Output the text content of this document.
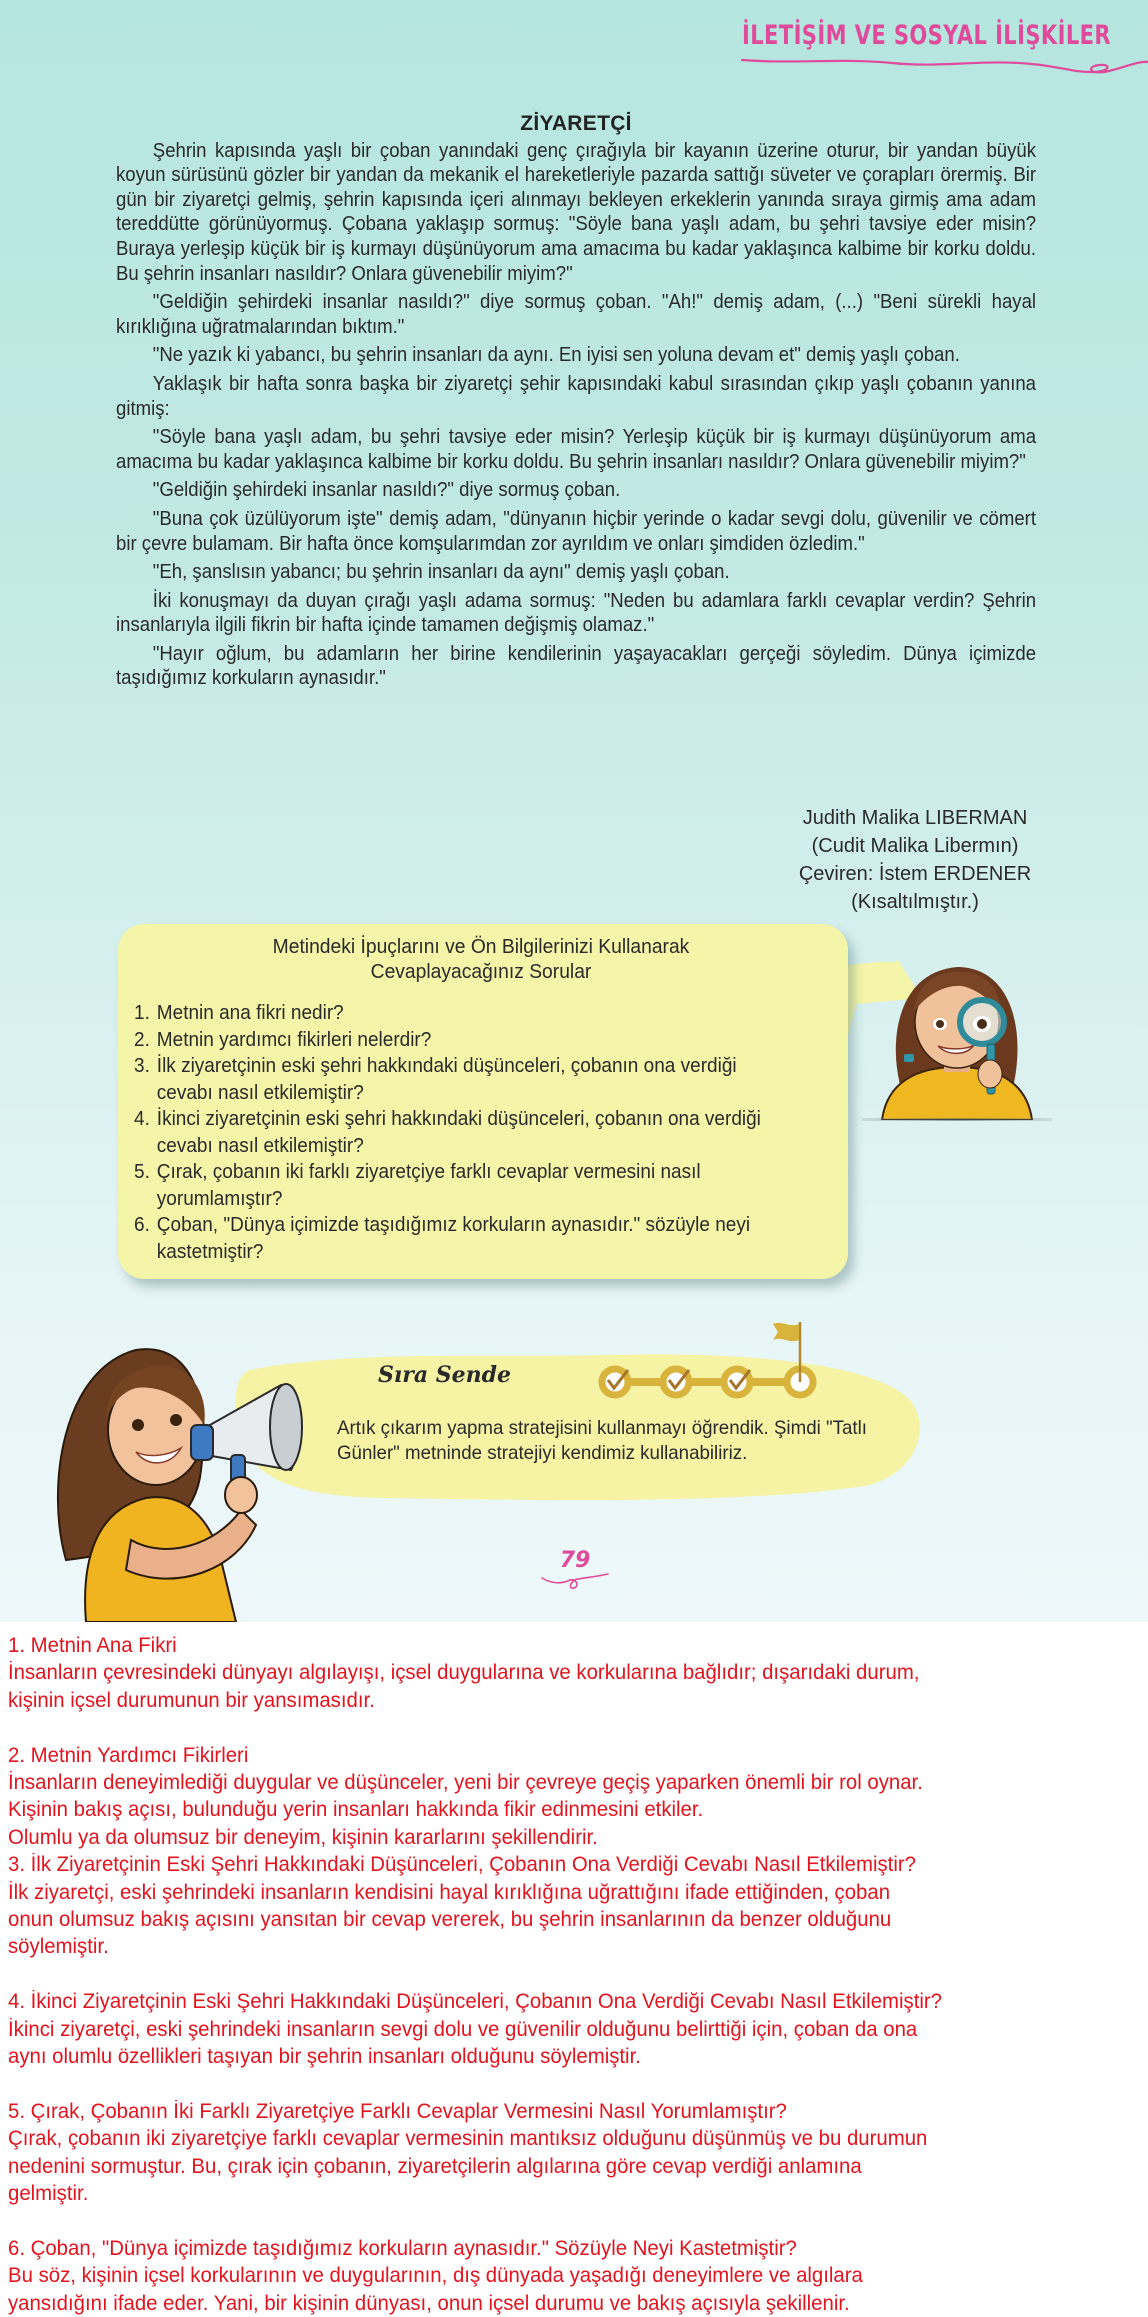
İLETİŞİM VE SOSYAL İLİŞKİLER
ZİYARETÇİ

Şehrin kapısında yaşlı bir çoban yanındaki genç çırağıyla bir kayanın üzerine oturur, bir yandan büyük koyun sürüsünü gözler bir yandan da mekanik el hareketleriyle pazarda sattığı süveter ve çorapları örermiş. Bir gün bir ziyaretçi gelmiş, şehrin kapısında içeri alınmayı bekleyen erkeklerin yanında sıraya girmiş ama adam tereddütte görünüyormuş. Çobana yaklaşıp sormuş: "Söyle bana yaşlı adam, bu şehri tavsiye eder misin? Buraya yerleşip küçük bir iş kurmayı düşünüyorum ama amacıma bu kadar yaklaşınca kalbime bir korku doldu. Bu şehrin insanları nasıldır? Onlara güvenebilir miyim?"

"Geldiğin şehirdeki insanlar nasıldı?" diye sormuş çoban. "Ah!" demiş adam, (...) "Beni sürekli hayal kırıklığına uğratmalarından bıktım."

"Ne yazık ki yabancı, bu şehrin insanları da aynı. En iyisi sen yoluna devam et" demiş yaşlı çoban.

Yaklaşık bir hafta sonra başka bir ziyaretçi şehir kapısındaki kabul sırasından çıkıp yaşlı çobanın yanına gitmiş:

"Söyle bana yaşlı adam, bu şehri tavsiye eder misin? Yerleşip küçük bir iş kurmayı düşünüyorum ama amacıma bu kadar yaklaşınca kalbime bir korku doldu. Bu şehrin insanları nasıldır? Onlara güvenebilir miyim?"

"Geldiğin şehirdeki insanlar nasıldı?" diye sormuş çoban.

"Buna çok üzülüyorum işte" demiş adam, "dünyanın hiçbir yerinde o kadar sevgi dolu, güvenilir ve cömert bir çevre bulamam. Bir hafta önce komşularımdan zor ayrıldım ve onları şimdiden özledim."

"Eh, şanslısın yabancı; bu şehrin insanları da aynı" demiş yaşlı çoban.

İki konuşmayı da duyan çırağı yaşlı adama sormuş: "Neden bu adamlara farklı cevaplar verdin? Şehrin insanlarıyla ilgili fikrin bir hafta içinde tamamen değişmiş olamaz."

"Hayır oğlum, bu adamların her birine kendilerinin yaşayacakları gerçeği söyledim. Dünya içimizde taşıdığımız korkuların aynasıdır."

Judith Malika LIBERMAN
(Cudit Malika Libermın)
Çeviren: İstem ERDENER
(Kısaltılmıştır.)
Metindeki İpuçlarını ve Ön Bilgilerinizi Kullanarak
Cevaplayacağınız Sorular
1. Metnin ana fikri nedir?
2. Metnin yardımcı fikirleri nelerdir?
3. İlk ziyaretçinin eski şehri hakkındaki düşünceleri, çobanın ona verdiği cevabı nasıl etkilemiştir?
4. İkinci ziyaretçinin eski şehri hakkındaki düşünceleri, çobanın ona verdiği cevabı nasıl etkilemiştir?
5. Çırak, çobanın iki farklı ziyaretçiye farklı cevaplar vermesini nasıl yorumlamıştır?
6. Çoban, "Dünya içimizde taşıdığımız korkuların aynasıdır." sözüyle neyi kastetmiştir?
Sıra Sende
Artık çıkarım yapma stratejisini kullanmayı öğrendik. Şimdi "Tatlı Günler" metninde stratejiyi kendimiz kullanabiliriz.
79
1. Metnin Ana Fikri
İnsanların çevresindeki dünyayı algılayışı, içsel duygularına ve korkularına bağlıdır; dışarıdaki durum,
kişinin içsel durumunun bir yansımasıdır.
2. Metnin Yardımcı Fikirleri
İnsanların deneyimlediği duygular ve düşünceler, yeni bir çevreye geçiş yaparken önemli bir rol oynar.
Kişinin bakış açısı, bulunduğu yerin insanları hakkında fikir edinmesini etkiler.
Olumlu ya da olumsuz bir deneyim, kişinin kararlarını şekillendirir.
3. İlk Ziyaretçinin Eski Şehri Hakkındaki Düşünceleri, Çobanın Ona Verdiği Cevabı Nasıl Etkilemiştir?
İlk ziyaretçi, eski şehrindeki insanların kendisini hayal kırıklığına uğrattığını ifade ettiğinden, çoban
onun olumsuz bakış açısını yansıtan bir cevap vererek, bu şehrin insanlarının da benzer olduğunu
söylemiştir.
4. İkinci Ziyaretçinin Eski Şehri Hakkındaki Düşünceleri, Çobanın Ona Verdiği Cevabı Nasıl Etkilemiştir?
İkinci ziyaretçi, eski şehrindeki insanların sevgi dolu ve güvenilir olduğunu belirttiği için, çoban da ona
aynı olumlu özellikleri taşıyan bir şehrin insanları olduğunu söylemiştir.
5. Çırak, Çobanın İki Farklı Ziyaretçiye Farklı Cevaplar Vermesini Nasıl Yorumlamıştır?
Çırak, çobanın iki ziyaretçiye farklı cevaplar vermesinin mantıksız olduğunu düşünmüş ve bu durumun
nedenini sormuştur. Bu, çırak için çobanın, ziyaretçilerin algılarına göre cevap verdiği anlamına
gelmiştir.
6. Çoban, "Dünya içimizde taşıdığımız korkuların aynasıdır." Sözüyle Neyi Kastetmiştir?
Bu söz, kişinin içsel korkularının ve duygularının, dış dünyada yaşadığı deneyimlere ve algılara
yansıdığını ifade eder. Yani, bir kişinin dünyası, onun içsel durumu ve bakış açısıyla şekillenir.
